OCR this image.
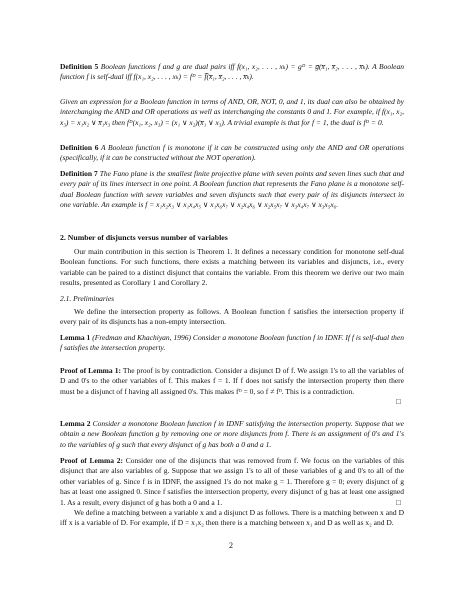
Definition 5 Boolean functions f and g are dual pairs iff f(x₁, x₂, . . . , xₖ) = gᴰ = g̅(x̅₁, x̅₂, . . . , x̅ₖ). A Boolean function f is self-dual iff f(x₁, x₂, . . . , xₖ) = fᴰ = f̅(x̅₁, x̅₂, . . . , x̅ₖ).

Given an expression for a Boolean function in terms of AND, OR, NOT, 0, and 1, its dual can also be obtained by interchanging the AND and OR operations as well as interchanging the constants 0 and 1. For example, if f(x₁, x₂, x₃) = x₁x₂ ∨ x̅₁x₃ then fᴰ(x₁, x₂, x₃) = (x₁ ∨ x₂)(x̅₁ ∨ x₃). A trivial example is that for f = 1, the dual is fᴰ = 0.

Definition 6 A Boolean function f is monotone if it can be constructed using only the AND and OR operations (specifically, if it can be constructed without the NOT operation).

Definition 7 The Fano plane is the smallest finite projective plane with seven points and seven lines such that and every pair of its lines intersect in one point. A Boolean function that represents the Fano plane is a monotone self-dual Boolean function with seven variables and seven disjuncts such that every pair of its disjuncts intersect in one variable. An example is f = x₁x₂x₃ ∨ x₁x₄x₅ ∨ x₁x₆x₇ ∨ x₂x₄x₆ ∨ x₂x₅x₇ ∨ x₃x₄x₇ ∨ x₃x₅x₆.

2. Number of disjuncts versus number of variables

Our main contribution in this section is Theorem 1. It defines a necessary condition for monotone self-dual Boolean functions. For such functions, there exists a matching between its variables and disjuncts, i.e., every variable can be paired to a distinct disjunct that contains the variable. From this theorem we derive our two main results, presented as Corollary 1 and Corollary 2.

2.1. Preliminaries

We define the intersection property as follows. A Boolean function f satisfies the intersection property if every pair of its disjuncts has a non-empty intersection.

Lemma 1 (Fredman and Khachiyan, 1996) Consider a monotone Boolean function f in IDNF. If f is self-dual then f satisfies the intersection property.

Proof of Lemma 1: The proof is by contradiction. Consider a disjunct D of f. We assign 1's to all the variables of D and 0's to the other variables of f. This makes f = 1. If f does not satisfy the intersection property then there must be a disjunct of f having all assigned 0's. This makes fᴰ = 0, so f ≠ fᴰ. This is a contradiction.

□

Lemma 2 Consider a monotone Boolean function f in IDNF satisfying the intersection property. Suppose that we obtain a new Boolean function g by removing one or more disjuncts from f. There is an assignment of 0's and 1's to the variables of g such that every disjunct of g has both a 0 and a 1.

Proof of Lemma 2: Consider one of the disjuncts that was removed from f. We focus on the variables of this disjunct that are also variables of g. Suppose that we assign 1's to all of these variables of g and 0's to all of the other variables of g. Since f is in IDNF, the assigned 1's do not make g = 1. Therefore g = 0; every disjunct of g has at least one assigned 0. Since f satisfies the intersection property, every disjunct of g has at least one assigned 1. As a result, every disjunct of g has both a 0 and a 1.	□

We define a matching between a variable x and a disjunct D as follows. There is a matching between x and D iff x is a variable of D. For example, if D = x₁x₂ then there is a matching between x₁ and D as well as x₂ and D.

2
